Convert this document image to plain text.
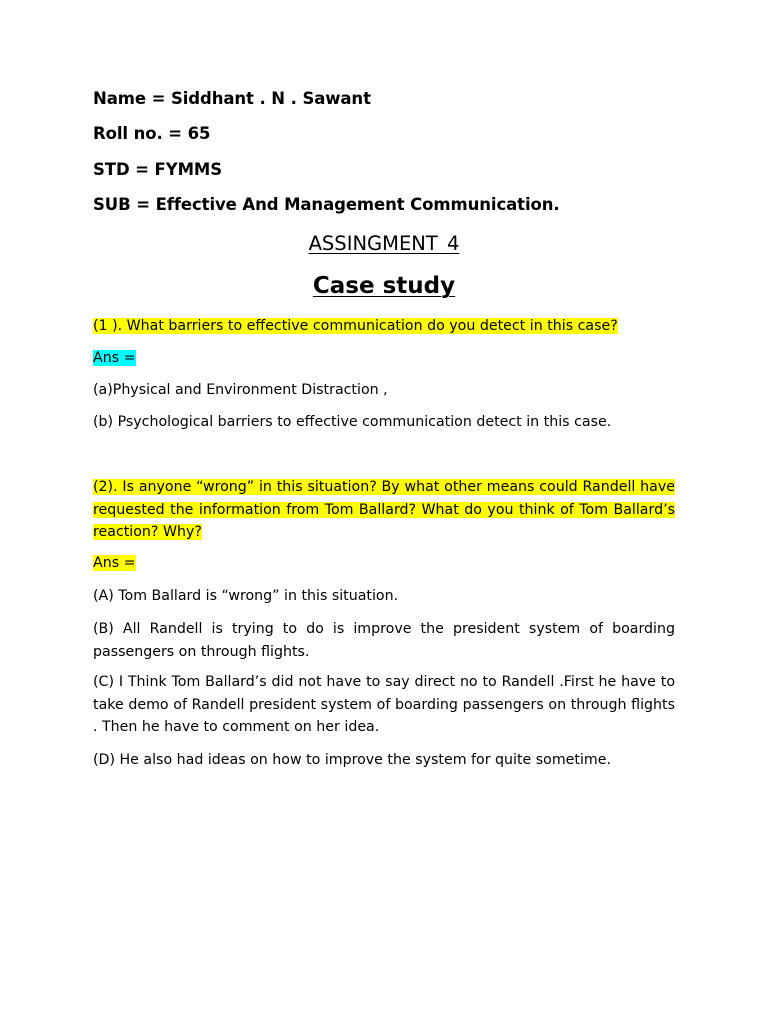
Name = Siddhant . N . Sawant
Roll no. = 65
STD = FYMMS
SUB = Effective And Management Communication.
ASSINGMENT 4
Case study
(1 ). What barriers to effective communication do you detect in this case?
Ans =
(a)Physical and Environment Distraction ,
(b) Psychological barriers to effective communication detect in this case.
(2). Is anyone “wrong” in this situation? By what other means could Randell have requested the information from Tom Ballard? What do you think of Tom Ballard’s reaction? Why?
Ans =
(A) Tom Ballard is “wrong” in this situation.
(B) All Randell is trying to do is improve the president system of boarding passengers on through flights.
(C) I Think Tom Ballard’s did not have to say direct no to Randell .First he have to take demo of Randell president system of boarding passengers on through flights . Then he have to comment on her idea.
(D) He also had ideas on how to improve the system for quite sometime.
